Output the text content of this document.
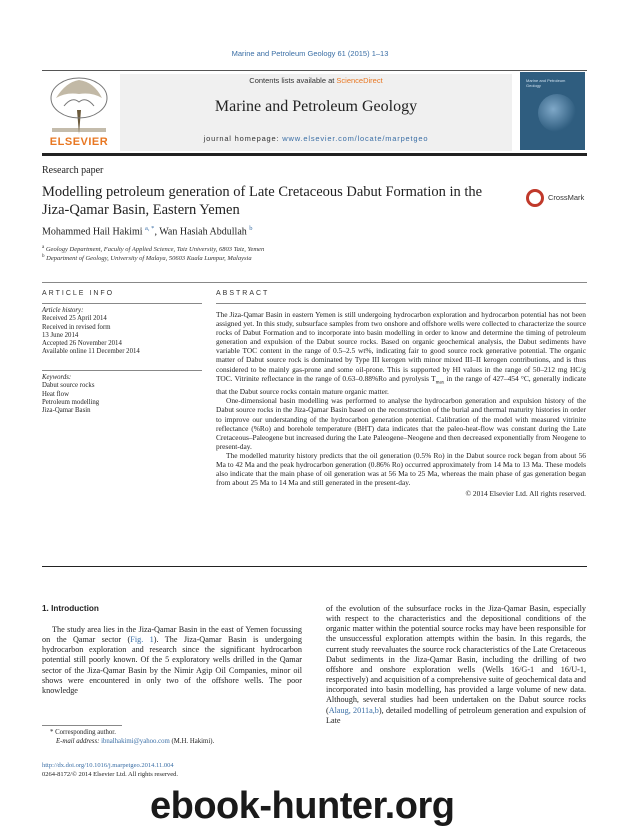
Marine and Petroleum Geology 61 (2015) 1–13
ELSEVIER
Contents lists available at ScienceDirect
Marine and Petroleum Geology
journal homepage: www.elsevier.com/locate/marpetgeo
Marine and Petroleum Geology
Research paper
Modelling petroleum generation of Late Cretaceous Dabut Formation in the Jiza-Qamar Basin, Eastern Yemen
CrossMark
Mohammed Hail Hakimi $^{a, *}$, Wan Hasiah Abdullah $^b$
$^a$ Geology Department, Faculty of Applied Science, Taiz University, 6803 Taiz, Yemen
$^b$ Department of Geology, University of Malaya, 50603 Kuala Lumpur, Malaysia
ARTICLE INFO
Article history:
Received 25 April 2014
Received in revised form
13 June 2014
Accepted 26 November 2014
Available online 11 December 2014
Keywords:
Dabut source rocks
Heat flow
Petroleum modelling
Jiza-Qamar Basin
ABSTRACT

The Jiza-Qamar Basin in eastern Yemen is still undergoing hydrocarbon exploration and hydrocarbon potential has not been assigned yet. In this study, subsurface samples from two onshore and offshore wells were collected to characterize the source rocks of Dabut Formation and to incorporate into basin modelling in order to know and determine the timing of petroleum generation and expulsion of the Dabut source rocks. Based on organic geochemical analysis, the Dabut sediments have variable TOC content in the range of 0.5–2.5 wt%, indicating fair to good source rock generative potential. The organic matter of Dabut source rock is dominated by Type III kerogen with minor mixed III–II kerogen contributions, and is thus considered to be mainly gas-prone and some oil-prone. This is supported by HI values in the range of 50–212 mg HC/g TOC. Vitrinite reflectance in the range of 0.63–0.88%Ro and pyrolysis $T_{max}$ in the range of 427–454 °C, generally indicate that the Dabut source rocks contain mature organic matter.

One-dimensional basin modelling was performed to analyse the hydrocarbon generation and expulsion history of the Dabut source rocks in the Jiza-Qamar Basin based on the reconstruction of the burial and thermal maturity histories in order to improve our understanding of the hydrocarbon generation potential. Calibration of the model with measured vitrinite reflectance (%Ro) and borehole temperature (BHT) data indicates that the paleo-heat-flow was constant during the Late Cretaceous–Paleogene but increased during the Late Paleogene–Neogene and then decreased exponentially from Neogene to present-day.

The modelled maturity history predicts that the oil generation (0.5% Ro) in the Dabut source rock began from about 56 Ma to 42 Ma and the peak hydrocarbon generation (0.86% Ro) occurred approximately from 14 Ma to 13 Ma. These models also indicate that the main phase of oil generation was at 56 Ma to 25 Ma, whereas the main phase of gas generation began from about 25 Ma to 14 Ma and still generated in the present-day.

© 2014 Elsevier Ltd. All rights reserved.

1. Introduction

The study area lies in the Jiza-Qamar Basin in the east of Yemen focussing on the Qamar sector (Fig. 1). The Jiza-Qamar Basin is undergoing hydrocarbon exploration and research since the significant hydrocarbon potential still poorly known. Of the 5 exploratory wells drilled in the Qamar sector of the Jiza-Qamar Basin by the Nimir Agip Oil Companies, minor oil shows were encountered in only two of the offshore wells. The poor knowledge

of the evolution of the subsurface rocks in the Jiza-Qamar Basin, especially with respect to the characteristics and the depositional conditions of the organic matter within the potential source rocks may have been responsible for the unsuccessful exploration attempts within the basin. In this regards, the current study reevaluates the source rock characteristics of the Late Cretaceous Dabut sediments in the Jiza-Qamar Basin, including the drilling of two offshore and onshore exploration wells (Wells 16/G-1 and 16/U-1, respectively) and acquisition of a comprehensive suite of geochemical data and incorporated into basin modelling, has provided a large volume of new data. Although, several studies had been undertaken on the Dabut source rocks (Alaug, 2011a,b), detailed modelling of petroleum generation and expulsion of Late

* Corresponding author.
E-mail address: ibnalhakimi@yahoo.com (M.H. Hakimi).
http://dx.doi.org/10.1016/j.marpetgeo.2014.11.004
0264-8172/© 2014 Elsevier Ltd. All rights reserved.
ebook-hunter.org
